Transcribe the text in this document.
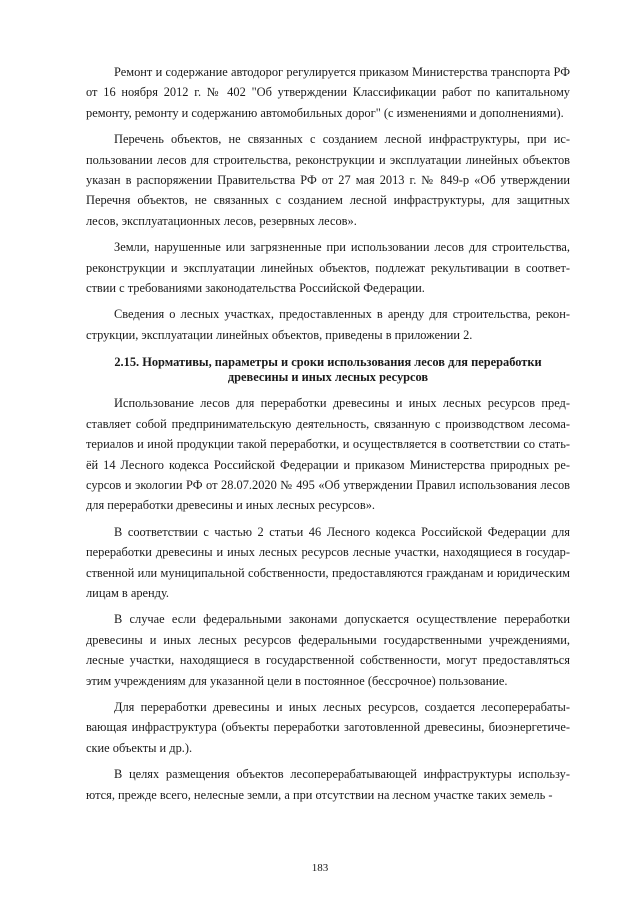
Ремонт и содержание автодорог регулируется приказом Министерства транспорта РФ от 16 ноября 2012 г. № 402 "Об утверждении Классификации работ по капитальному ремонту, ремонту и содержанию автомобильных дорог" (с изменениями и дополнениями).

Перечень объектов, не связанных с созданием лесной инфраструктуры, при использовании лесов для строительства, реконструкции и эксплуатации линейных объектов указан в распоряжении Правительства РФ от 27 мая 2013 г. № 849-р «Об утверждении Перечня объектов, не связанных с созданием лесной инфраструктуры, для защитных лесов, эксплуатационных лесов, резервных лесов».

Земли, нарушенные или загрязненные при использовании лесов для строительства, реконструкции и эксплуатации линейных объектов, подлежат рекультивации в соответствии с требованиями законодательства Российской Федерации.

Сведения о лесных участках, предоставленных в аренду для строительства, реконструкции, эксплуатации линейных объектов, приведены в приложении 2.

2.15. Нормативы, параметры и сроки использования лесов для переработки
древесины и иных лесных ресурсов

Использование лесов для переработки древесины и иных лесных ресурсов представляет собой предпринимательскую деятельность, связанную с производством лесоматериалов и иной продукции такой переработки, и осуществляется в соответствии со статьёй 14 Лесного кодекса Российской Федерации и приказом Министерства природных ресурсов и экологии РФ от 28.07.2020 № 495 «Об утверждении Правил использования лесов для переработки древесины и иных лесных ресурсов».

В соответствии с частью 2 статьи 46 Лесного кодекса Российской Федерации для переработки древесины и иных лесных ресурсов лесные участки, находящиеся в государственной или муниципальной собственности, предоставляются гражданам и юридическим лицам в аренду.

В случае если федеральными законами допускается осуществление переработки древесины и иных лесных ресурсов федеральными государственными учреждениями, лесные участки, находящиеся в государственной собственности, могут предоставляться этим учреждениям для указанной цели в постоянное (бессрочное) пользование.

Для переработки древесины и иных лесных ресурсов, создается лесоперерабатывающая инфраструктура (объекты переработки заготовленной древесины, биоэнергетические объекты и др.).

В целях размещения объектов лесоперерабатывающей инфраструктуры используются, прежде всего, нелесные земли, а при отсутствии на лесном участке таких земель -

183
